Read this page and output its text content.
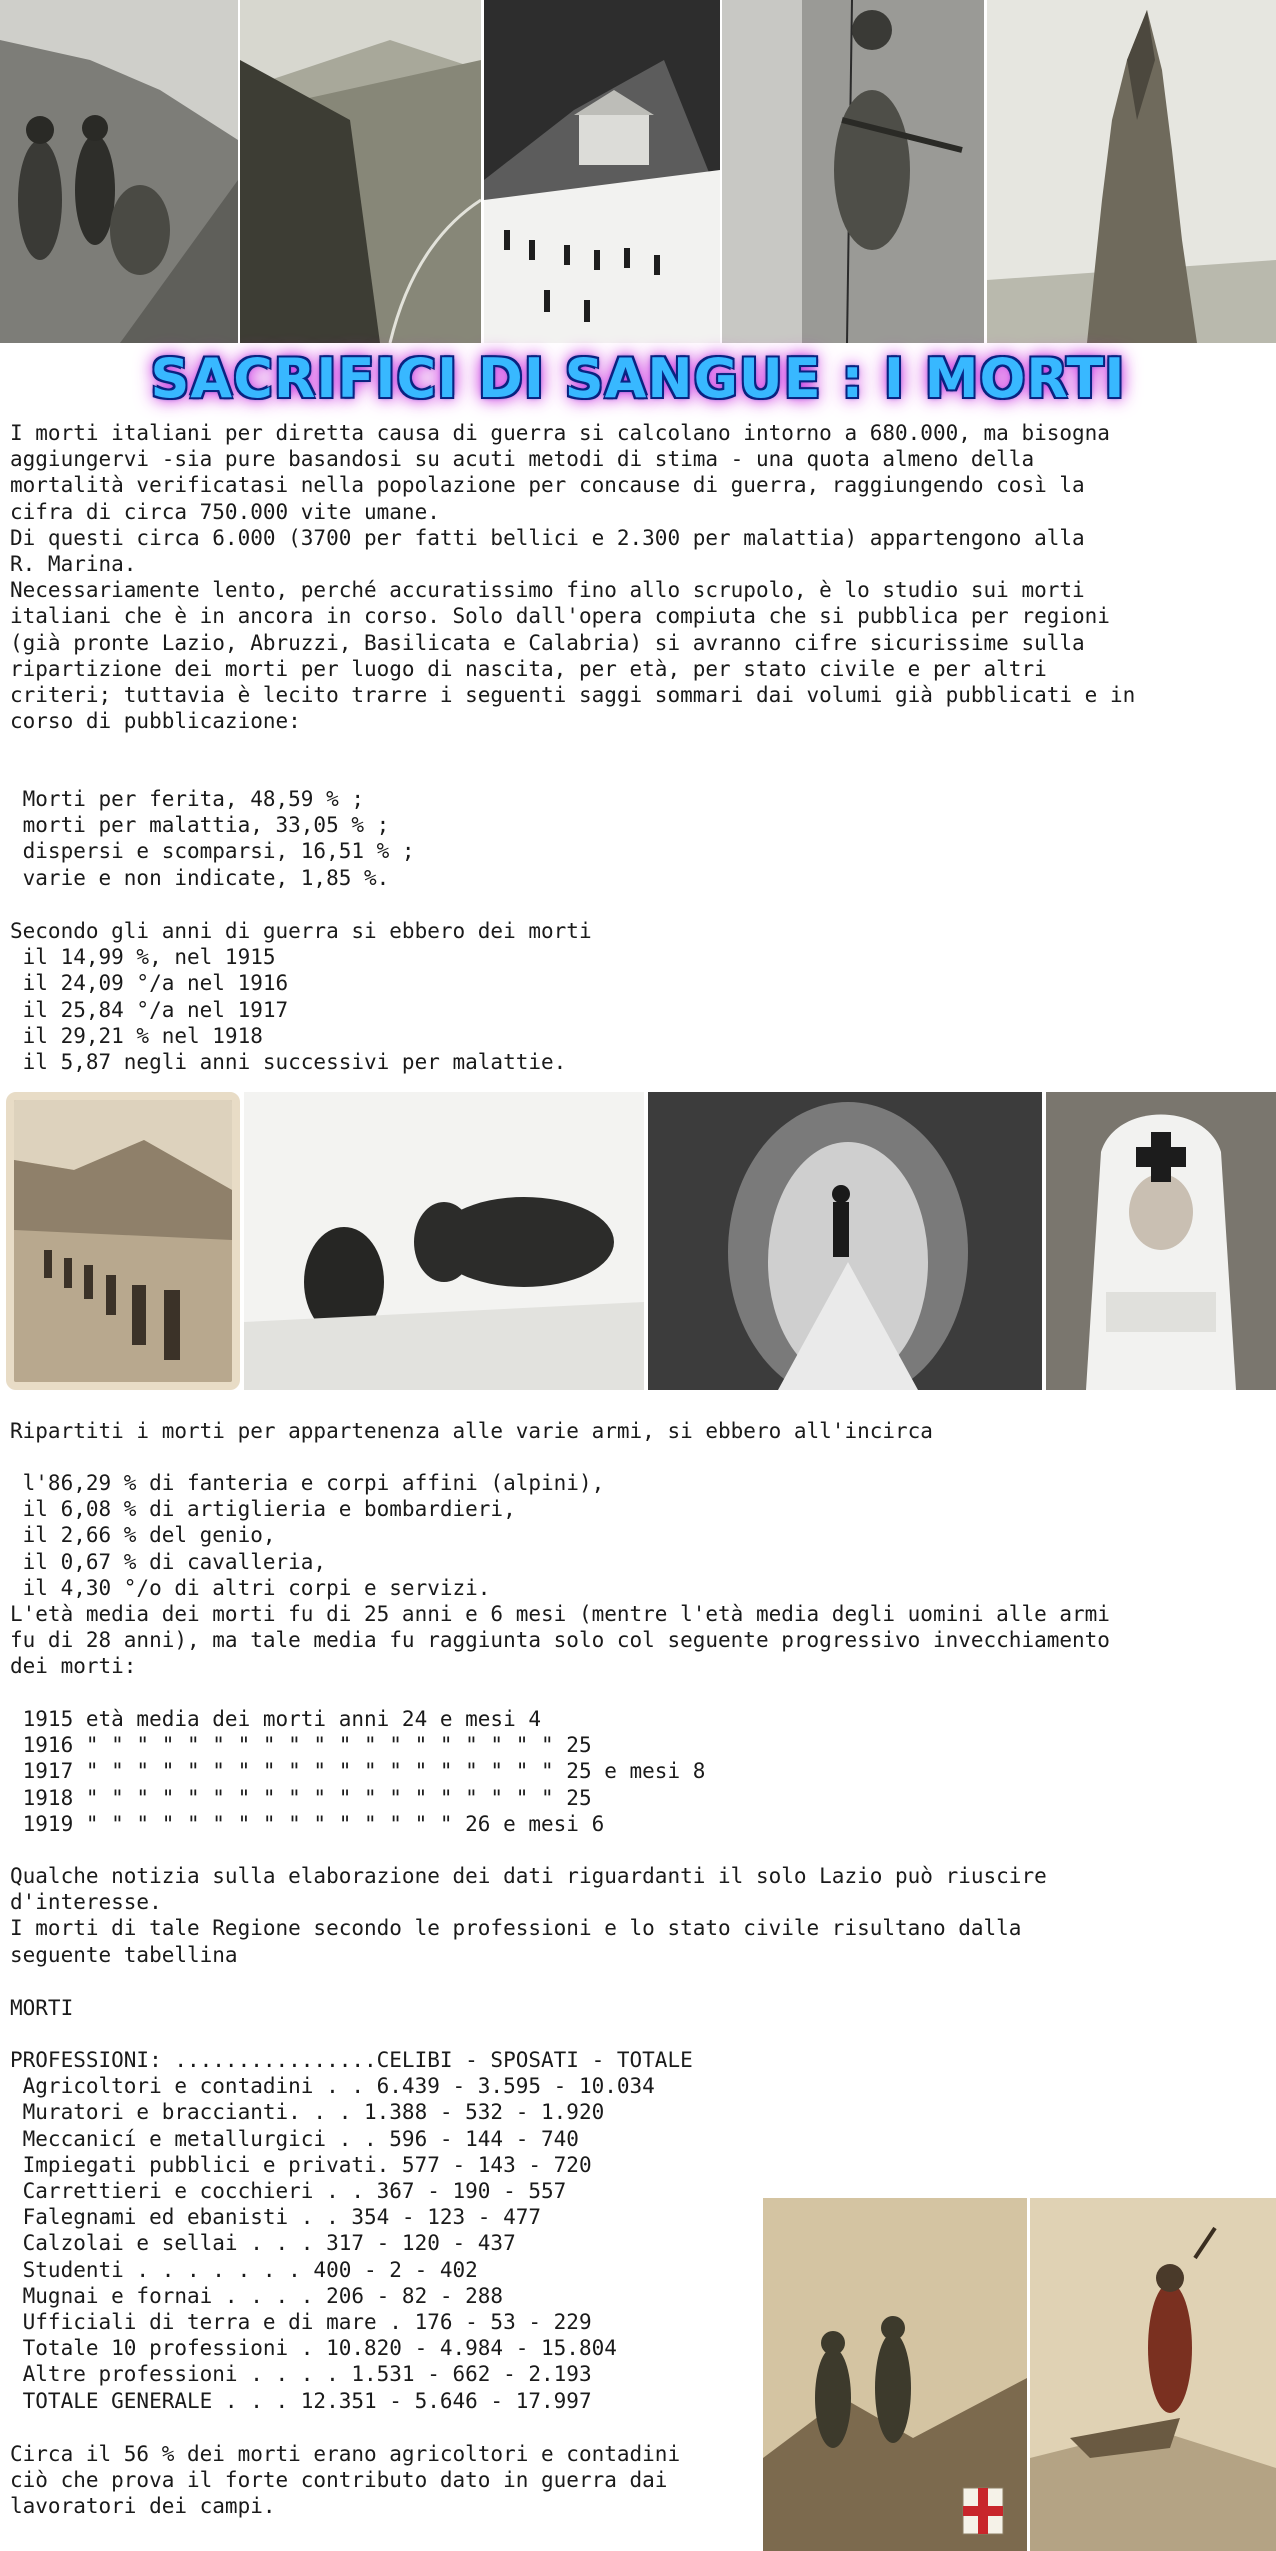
SACRIFICI DI SANGUE : I MORTI
I morti italiani per diretta causa di guerra si calcolano intorno a 680.000, ma bisogna
aggiungervi -sia pure basandosi su acuti metodi di stima - una quota almeno della
mortalità verificatasi nella popolazione per concause di guerra, raggiungendo così la
cifra di circa 750.000 vite umane.
Di questi circa 6.000 (3700 per fatti bellici e 2.300 per malattia) appartengono alla
R. Marina.
Necessariamente lento, perché accuratissimo fino allo scrupolo, è lo studio sui morti
italiani che è in ancora in corso. Solo dall'opera compiuta che si pubblica per regioni
(già pronte Lazio, Abruzzi, Basilicata e Calabria) si avranno cifre sicurissime sulla
ripartizione dei morti per luogo di nascita, per età, per stato civile e per altri
criteri; tuttavia è lecito trarre i seguenti saggi sommari dai volumi già pubblicati e in
corso di pubblicazione:
Morti per ferita, 48,59 % ;
morti per malattia, 33,05 % ;
dispersi e scomparsi, 16,51 % ;
varie e non indicate, 1,85 %.
Secondo gli anni di guerra si ebbero dei morti
il 14,99 %, nel 1915
il 24,09 °/a nel 1916
il 25,84 °/a nel 1917
il 29,21 % nel 1918
il 5,87 negli anni successivi per malattie.
Ripartiti i morti per appartenenza alle varie armi, si ebbero all'incirca
l'86,29 % di fanteria e corpi affini (alpini),
il 6,08 % di artiglieria e bombardieri,
il 2,66 % del genio,
il 0,67 % di cavalleria,
il 4,30 °/o di altri corpi e servizi.
L'età media dei morti fu di 25 anni e 6 mesi (mentre l'età media degli uomini alle armi
fu di 28 anni), ma tale media fu raggiunta solo col seguente progressivo invecchiamento
dei morti:
1915 età media dei morti anni 24 e mesi 4
1916 " " " " " " " " " " " " " " " " " " " 25
1917 " " " " " " " " " " " " " " " " " " " 25 e mesi 8
1918 " " " " " " " " " " " " " " " " " " " 25
1919 " " " " " " " " " " " " " " " 26 e mesi 6
Qualche notizia sulla elaborazione dei dati riguardanti il solo Lazio può riuscire
d'interesse.
I morti di tale Regione secondo le professioni e lo stato civile risultano dalla
seguente tabellina
MORTI
PROFESSIONI: ................CELIBI - SPOSATI - TOTALE
Agricoltori e contadini . . 6.439 - 3.595 - 10.034
Muratori e braccianti. . . 1.388 - 532 - 1.920
Meccanicí e metallurgici . . 596 - 144 - 740
Impiegati pubblici e privati. 577 - 143 - 720
Carrettieri e cocchieri . . 367 - 190 - 557
Falegnami ed ebanisti . . 354 - 123 - 477
Calzolai e sellai . . . 317 - 120 - 437
Studenti . . . . . . . 400 - 2 - 402
Mugnai e fornai . . . . 206 - 82 - 288
Ufficiali di terra e di mare . 176 - 53 - 229
Totale 10 professioni . 10.820 - 4.984 - 15.804
Altre professioni . . . . 1.531 - 662 - 2.193
TOTALE GENERALE . . . 12.351 - 5.646 - 17.997
Circa il 56 % dei morti erano agricoltori e contadini
ciò che prova il forte contributo dato in guerra dai
lavoratori dei campi.
